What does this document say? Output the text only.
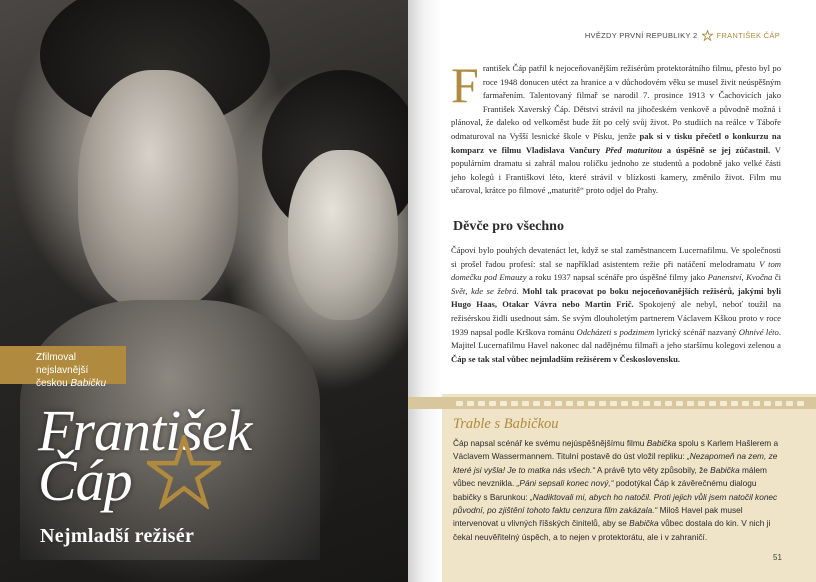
Zfilmoval nejslavnější
českou Babičku
František
Čáp
Nejmladší režisér
HVĚZDY PRVNÍ REPUBLIKY 2	FRANTIŠEK ČÁP
František Čáp patřil k nejoceňovanějším režisérům protektorátního filmu, přesto byl po roce 1948 donucen utéct za hranice a v důchodovém věku se musel živit neúspěšným farmařením. Talentovaný filmař se narodil 7. prosince 1913 v Čachovicích jako František Xaverský Čáp. Dětství strávil na jihočeském venkově a původně možná i plánoval, že daleko od velkoměst bude žít po celý svůj život. Po studiích na reálce v Táboře odmaturoval na Vyšší lesnické škole v Písku, jenže pak si v tisku přečetl o konkurzu na komparz ve filmu Vladislava Vančury Před maturitou a úspěšně se jej zúčastnil. V populárním dramatu si zahrál malou roličku jednoho ze studentů a podobně jako velké části jeho kolegů i Františkovi léto, které strávil v blízkosti kamery, změnilo život. Film mu učaroval, krátce po filmové „maturitě“ proto odjel do Prahy.
Děvče pro všechno
Čápovi bylo pouhých devatenáct let, když se stal zaměstnancem Lucernafilmu. Ve společnosti si prošel řadou profesí: stal se například asistentem režie při natáčení melodramatu V tom domečku pod Emauzy a roku 1937 napsal scénáře pro úspěšné filmy jako Panenství, Kvočna či Svět, kde se žebrá. Mohl tak pracovat po boku nejoceňovanějších režisérů, jakými byli Hugo Haas, Otakar Vávra nebo Martin Frič. Spokojený ale nebyl, neboť toužil na režisérskou židli usednout sám. Se svým dlouholetým partnerem Václavem Kškou proto v roce 1939 napsal podle Krškova románu Odcházeti s podzimem lyrický scénář nazvaný Ohnivé léto. Majitel Lucernafilmu Havel nakonec dal nadějnému filmaři a jeho staršímu kolegovi zelenou a Čáp se tak stal vůbec nejmladším režisérem v Československu.
Trable s Babičkou
Čáp napsal scénář ke svému nejúspěšnějšímu filmu Babička spolu s Karlem Hašlerem a Václavem Wassermannem. Titulní postavě do úst vložil repliku: „Nezapomeň na zem, ze které jsi vyšla! Je to matka nás všech.“ A právě tyto věty způsobily, že Babička málem vůbec nevznikla. „Páni sepsali konec nový,“ podotýkal Čáp k závěrečnému dialogu babičky s Barunkou: „Nadiktovali mi, abych ho natočil. Proti jejich vůli jsem natočil konec původní, po zjištění tohoto faktu cenzura film zakázala.“ Miloš Havel pak musel intervenovat u vlivných říšských činitelů, aby se Babička vůbec dostala do kin. V nich ji čekal neuvěřitelný úspěch, a to nejen v protektorátu, ale i v zahraničí.
51
